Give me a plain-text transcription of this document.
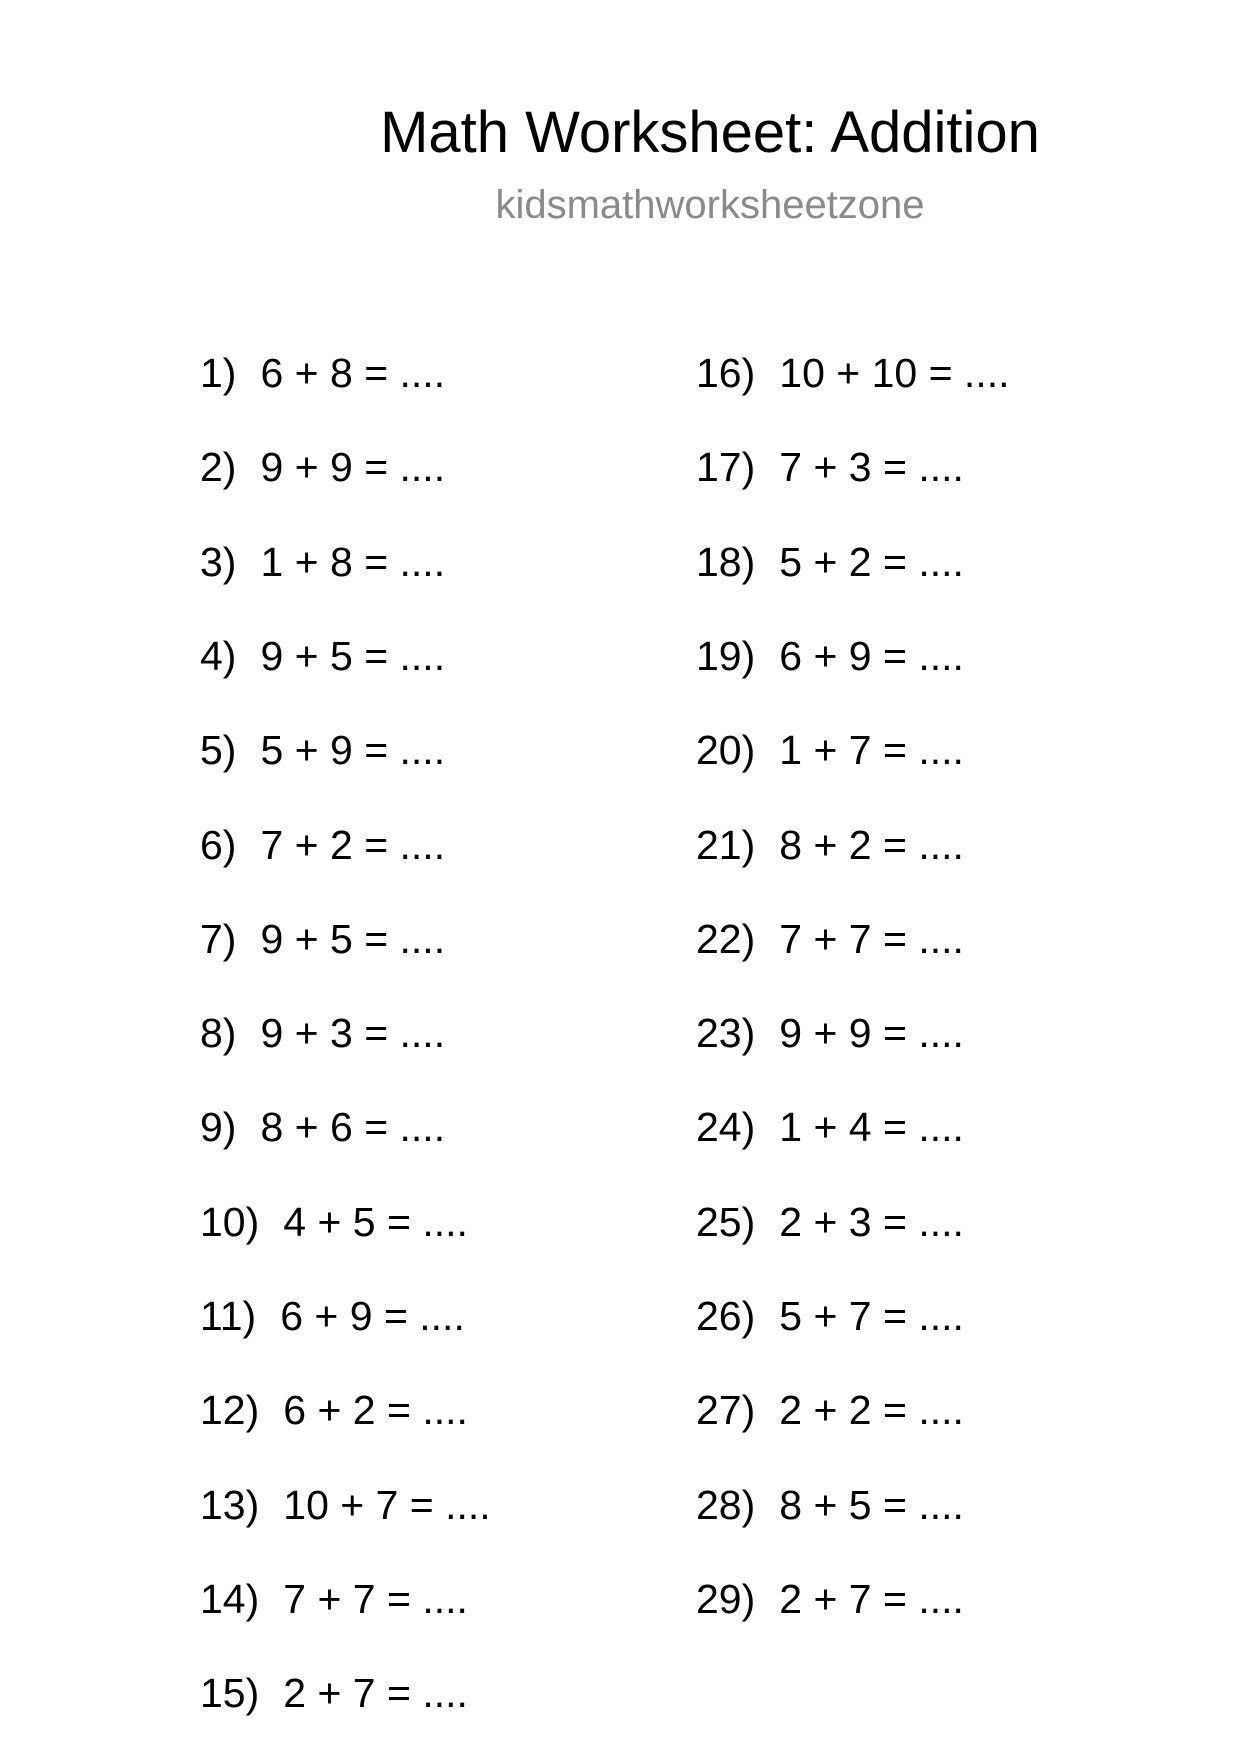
Math Worksheet: Addition
kidsmathworksheetzone
1) 6 + 8 = ....
2) 9 + 9 = ....
3) 1 + 8 = ....
4) 9 + 5 = ....
5) 5 + 9 = ....
6) 7 + 2 = ....
7) 9 + 5 = ....
8) 9 + 3 = ....
9) 8 + 6 = ....
10) 4 + 5 = ....
11) 6 + 9 = ....
12) 6 + 2 = ....
13) 10 + 7 = ....
14) 7 + 7 = ....
15) 2 + 7 = ....
16) 10 + 10 = ....
17) 7 + 3 = ....
18) 5 + 2 = ....
19) 6 + 9 = ....
20) 1 + 7 = ....
21) 8 + 2 = ....
22) 7 + 7 = ....
23) 9 + 9 = ....
24) 1 + 4 = ....
25) 2 + 3 = ....
26) 5 + 7 = ....
27) 2 + 2 = ....
28) 8 + 5 = ....
29) 2 + 7 = ....
